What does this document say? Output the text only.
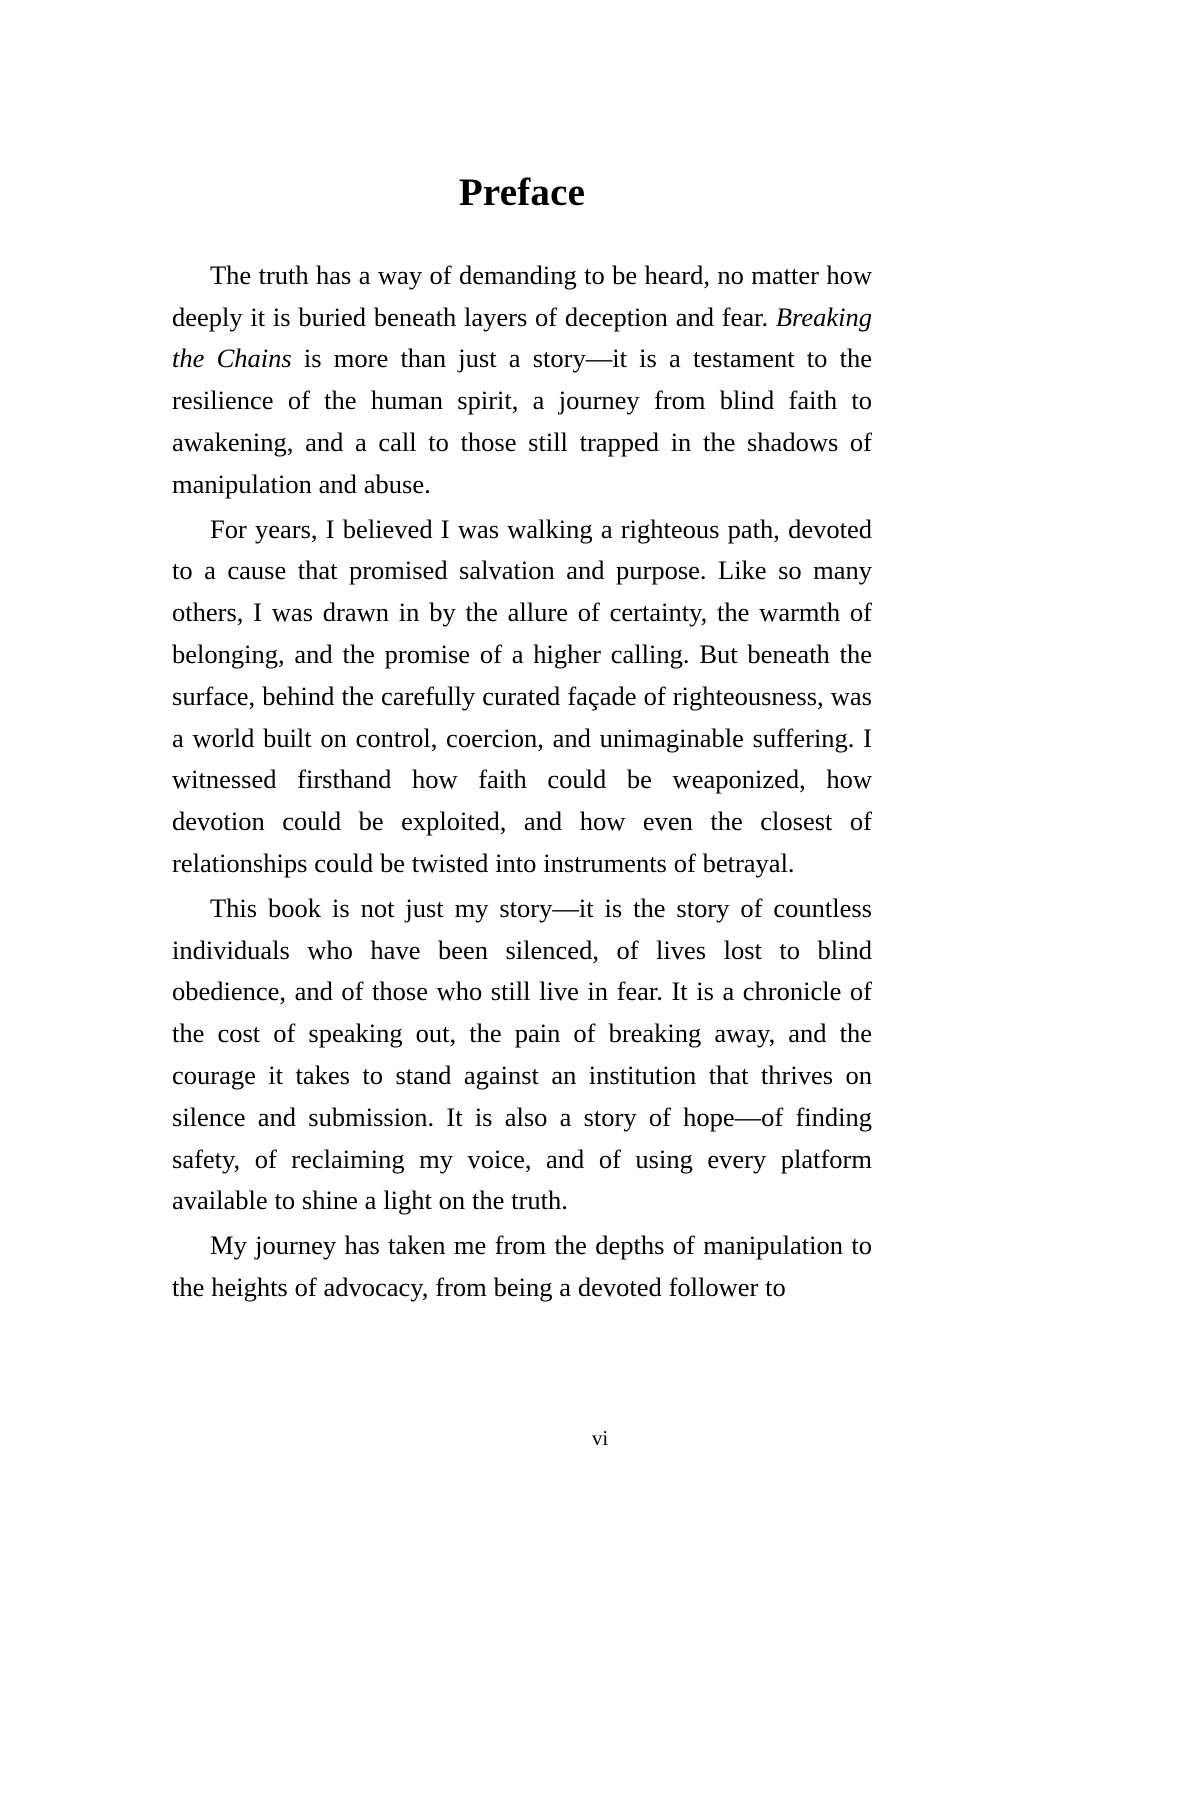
Preface

The truth has a way of demanding to be heard, no matter how deeply it is buried beneath layers of deception and fear. Breaking the Chains is more than just a story—it is a testament to the resilience of the human spirit, a journey from blind faith to awakening, and a call to those still trapped in the shadows of manipulation and abuse.

For years, I believed I was walking a righteous path, devoted to a cause that promised salvation and purpose. Like so many others, I was drawn in by the allure of certainty, the warmth of belonging, and the promise of a higher calling. But beneath the surface, behind the carefully curated façade of righteousness, was a world built on control, coercion, and unimaginable suffering. I witnessed firsthand how faith could be weaponized, how devotion could be exploited, and how even the closest of relationships could be twisted into instruments of betrayal.

This book is not just my story—it is the story of countless individuals who have been silenced, of lives lost to blind obedience, and of those who still live in fear. It is a chronicle of the cost of speaking out, the pain of breaking away, and the courage it takes to stand against an institution that thrives on silence and submission. It is also a story of hope—of finding safety, of reclaiming my voice, and of using every platform available to shine a light on the truth.

My journey has taken me from the depths of manipulation to the heights of advocacy, from being a devoted follower to

vi
